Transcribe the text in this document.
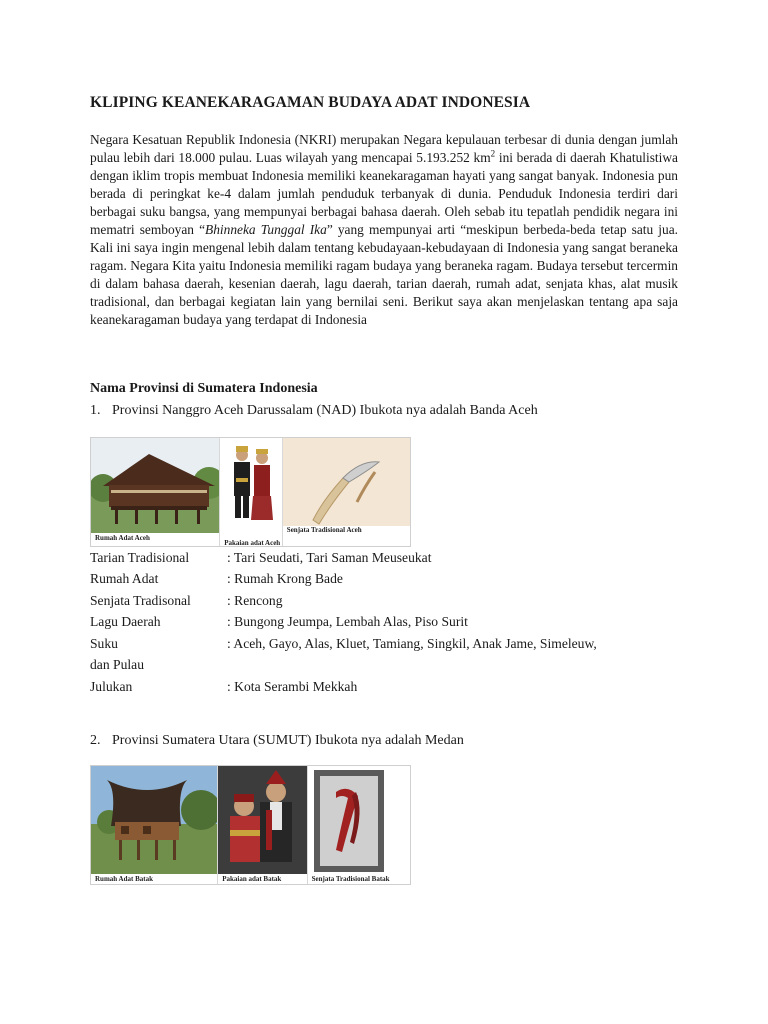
KLIPING KEANEKARAGAMAN BUDAYA ADAT INDONESIA

Negara Kesatuan Republik Indonesia (NKRI) merupakan Negara kepulauan terbesar di dunia dengan jumlah pulau lebih dari 18.000 pulau. Luas wilayah yang mencapai 5.193.252 $km^2$ ini berada di daerah Khatulistiwa dengan iklim tropis membuat Indonesia memiliki keanekaragaman hayati yang sangat banyak. Indonesia pun berada di peringkat ke-4 dalam jumlah penduduk terbanyak di dunia. Penduduk Indonesia terdiri dari berbagai suku bangsa, yang mempunyai berbagai bahasa daerah. Oleh sebab itu tepatlah pendidik negara ini mematri semboyan “Bhinneka Tunggal Ika” yang mempunyai arti “meskipun berbeda-beda tetap satu jua. Kali ini saya ingin mengenal lebih dalam tentang kebudayaan-kebudayaan di Indonesia yang sangat beraneka ragam. Negara Kita yaitu Indonesia memiliki ragam budaya yang beraneka ragam. Budaya tersebut tercermin di dalam bahasa daerah, kesenian daerah, lagu daerah, tarian daerah, rumah adat, senjata khas, alat musik tradisional, dan berbagai kegiatan lain yang bernilai seni. Berikut saya akan menjelaskan tentang apa saja keanekaragaman budaya yang terdapat di Indonesia

Nama Provinsi di Sumatera Indonesia
1. Provinsi Nanggro Aceh Darussalam (NAD) Ibukota nya adalah Banda Aceh
Rumah Adat Aceh
Pakaian adat Aceh
Senjata Tradisional Aceh
Tarian Tradisional	: Tari Seudati, Tari Saman Meuseukat
Rumah Adat	: Rumah Krong Bade
Senjata Tradisonal	: Rencong
Lagu Daerah	: Bungong Jeumpa, Lembah Alas, Piso Surit
Suku	: Aceh, Gayo, Alas, Kluet, Tamiang, Singkil, Anak Jame, Simeleuw,
dan Pulau
Julukan	: Kota Serambi Mekkah
2. Provinsi Sumatera Utara (SUMUT) Ibukota nya adalah Medan
Rumah Adat Batak	Pakaian adat Batak	Senjata Tradisional Batak
